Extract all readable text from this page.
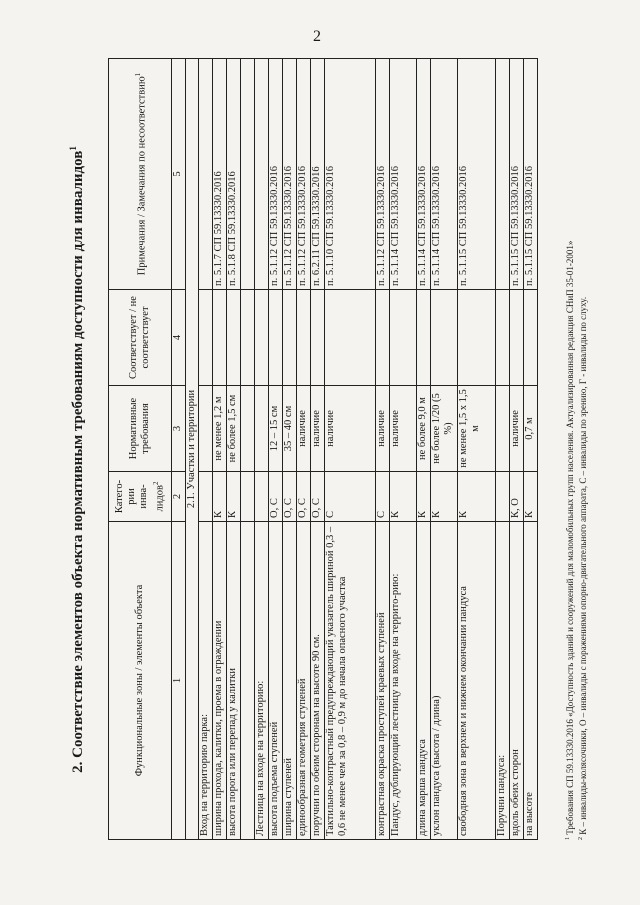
2
2. Соответствие элементов объекта нормативным требованиям доступности для инвалидов$^1$
Функциональные зоны / элементы объекта	Катего-рии инва-лидов$^2$	Нормативные требования	Соответствует / не соответствует	Примечания / Замечания по несоответствию$^1$
1	2	3	4	5
2.1. Участки и территории				
Вход на территорию парка:				
ширина прохода, калитки, проема в ограждении	К	не менее 1,2 м		п. 5.1.7 СП 59.13330.2016
высота порога или перепад у калитки	К	не более 1,5 см		п. 5.1.8 СП 59.13330.2016

Лестница на входе на территорию:				
высота подъема ступеней	О, С	12 – 15 см		п. 5.1.12 СП 59.13330.2016
ширина ступеней	О, С	35 – 40 см		п. 5.1.12 СП 59.13330.2016
единообразная геометрия ступеней	О, С	наличие		п. 5.1.12 СП 59.13330.2016
поручни по обеим сторонам на высоте 90 см.	О, С	наличие		п. 6.2.11 СП 59.13330.2016
Тактильно-контрастный предупреждающий указатель шириной 0,3 – 0,6 не менее чем за 0,8 – 0,9 м до начала опасного участка	С	наличие		п. 5.1.10 СП 59.13330.2016
контрастная окраска проступей краевых ступеней	С	наличие		п. 5.1.12 СП 59.13330.2016
Пандус, дублирующий лестницу на входе на террито-рию:	К	наличие		п. 5.1.14 СП 59.13330.2016
длина марша пандуса	К	не более 9,0 м		п. 5.1.14 СП 59.13330.2016
уклон пандуса (высота / длина)	К	не более 1/20 (5 %)		п. 5.1.14 СП 59.13330.2016
свободная зона в верхнем и нижнем окончании пандуса	К	не менее 1,5 х 1,5 м		п. 5.1.15 СП 59.13330.2016
Поручни пандуса:				
вдоль обеих сторон	К, О	наличие		п. 5.1.15 СП 59.13330.2016
на высоте	К	0,7 м		п. 5.1.15 СП 59.13330.2016
$^1$ Требования СП 59.13330.2016 «Доступность зданий и сооружений для маломобильных групп населения. Актуализированная редакция СНиП 35-01-2001»
$^2$ К – инвалиды-колясочники, О – инвалиды с поражениями опорно-двигательного аппарата, С – инвалиды по зрению, Г - инвалиды по слуху.
